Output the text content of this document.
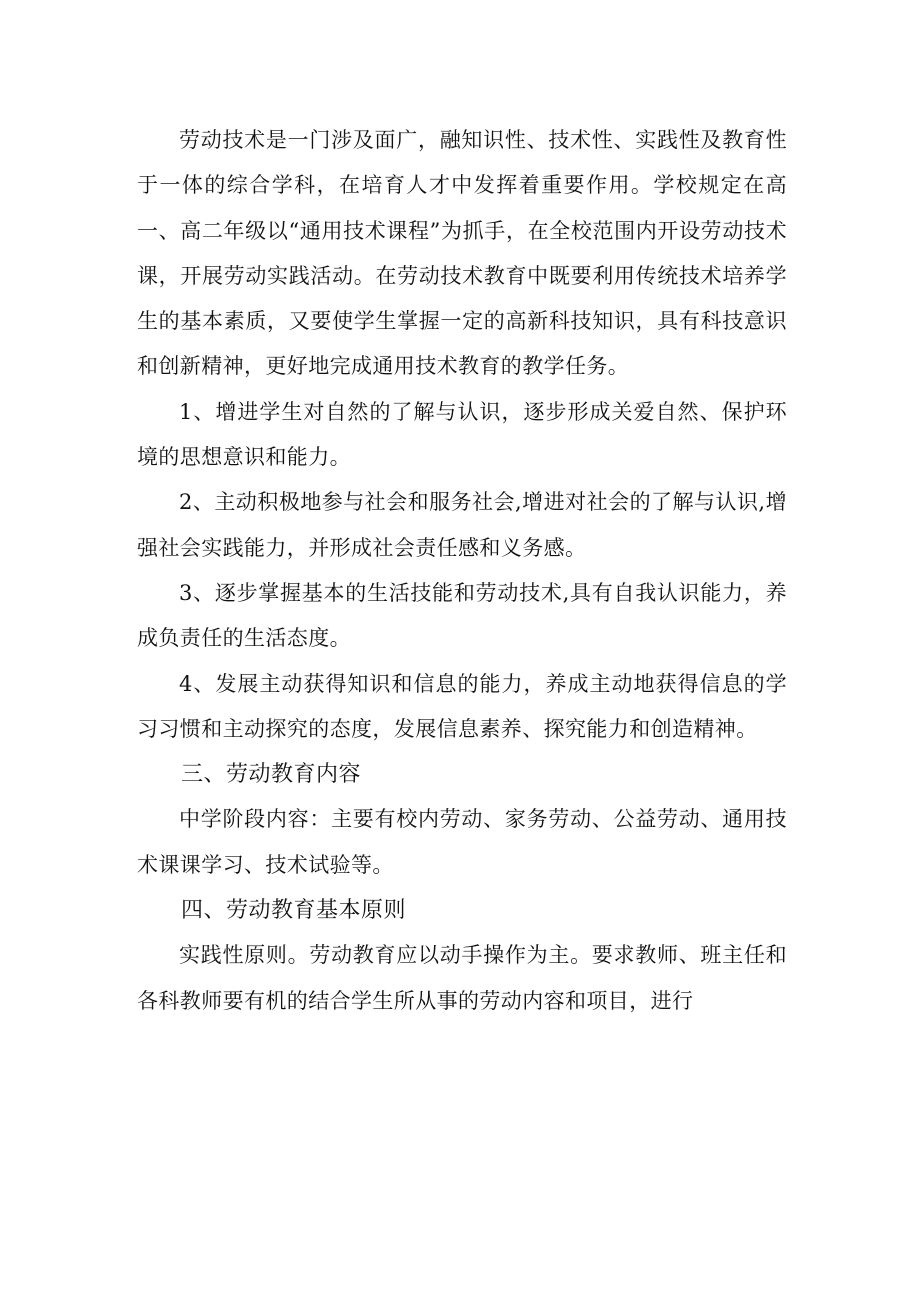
劳动技术是一门涉及面广，融知识性、技术性、实践性及教育性于一体的综合学科，在培育人才中发挥着重要作用。学校规定在高一、高二年级以“通用技术课程”为抓手，在全校范围内开设劳动技术课，开展劳动实践活动。在劳动技术教育中既要利用传统技术培养学生的基本素质，又要使学生掌握一定的高新科技知识，具有科技意识和创新精神，更好地完成通用技术教育的教学任务。

1、增进学生对自然的了解与认识，逐步形成关爱自然、保护环境的思想意识和能力。

2、主动积极地参与社会和服务社会,增进对社会的了解与认识,增强社会实践能力，并形成社会责任感和义务感。

3、逐步掌握基本的生活技能和劳动技术,具有自我认识能力，养成负责任的生活态度。

4、发展主动获得知识和信息的能力，养成主动地获得信息的学习习惯和主动探究的态度，发展信息素养、探究能力和创造精神。

三、劳动教育内容

中学阶段内容：主要有校内劳动、家务劳动、公益劳动、通用技术课课学习、技术试验等。

四、劳动教育基本原则

实践性原则。劳动教育应以动手操作为主。要求教师、班主任和各科教师要有机的结合学生所从事的劳动内容和项目，进行
